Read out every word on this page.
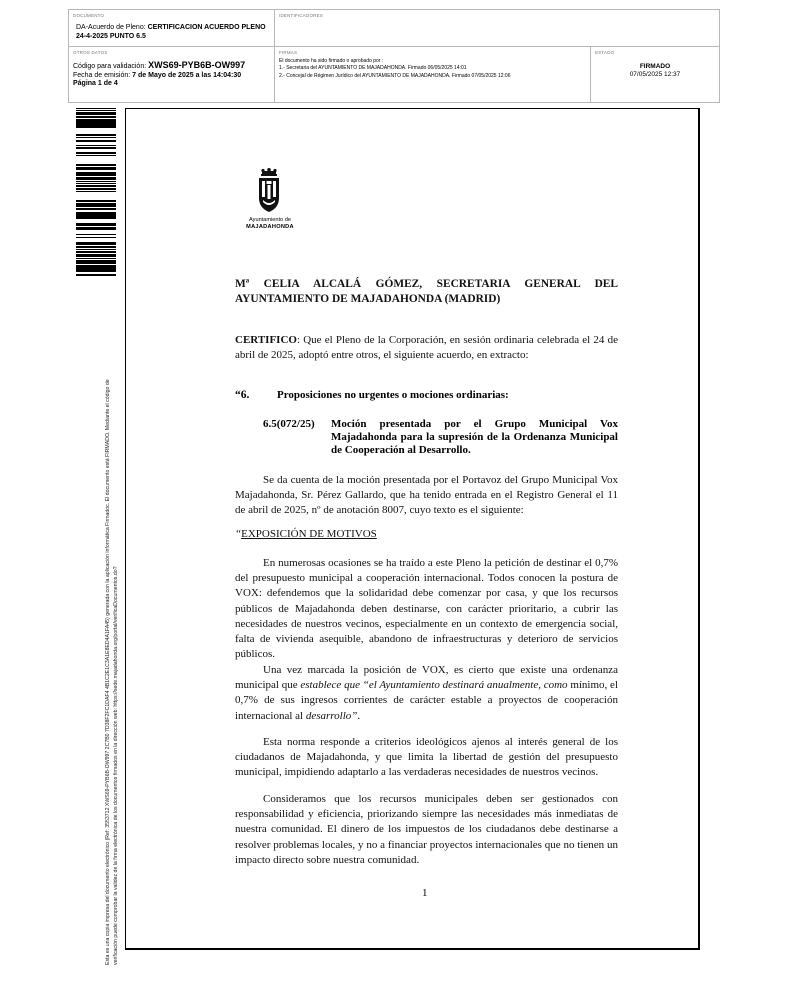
DOCUMENTO
DA-Acuerdo de Pleno: CERTIFICACION ACUERDO PLENO 24-4-2025 PUNTO 6.5
IDENTIFICADORES
OTROS DATOS
Código para validación: XWS69-PYB6B-OW997
Fecha de emisión: 7 de Mayo de 2025 a las 14:04:30
Página 1 de 4
FIRMAS
El documento ha sido firmado o aprobado por :
1.- Secretaria del AYUNTAMIENTO DE MAJADAHONDA. Firmado 06/05/2025 14:01
2.- Concejal de Régimen Jurídico del AYUNTAMIENTO DE MAJADAHONDA. Firmado 07/05/2025 12:06
ESTADO
FIRMADO
07/05/2025 12:37
Esta es una copia impresa del documento electrónico (Ref: 3553712 XWS69-PYB6B-OW997 2C7B0 7D38F2FC1DAF4 4B1C2E1C3A1E8ED4A1FA45) generada con la aplicación informática Firmadoc. El documento está FIRMADO. Mediante el código de verificación puede comprobar la validez de la firma electrónica de los documentos firmados en la dirección web: https://sede.majadahonda.org/portal/verificaDocumentos.do?
Ayuntamiento de
MAJADAHONDA
Mª CELIA ALCALÁ GÓMEZ, SECRETARIA GENERAL DEL AYUNTAMIENTO DE MAJADAHONDA (MADRID)
CERTIFICO: Que el Pleno de la Corporación, en sesión ordinaria celebrada el 24 de abril de 2025, adoptó entre otros, el siguiente acuerdo, en extracto:
“6.	Proposiciones no urgentes o mociones ordinarias:
6.5(072/25) Moción presentada por el Grupo Municipal Vox Majadahonda para la supresión de la Ordenanza Municipal de Cooperación al Desarrollo.
Se da cuenta de la moción presentada por el Portavoz del Grupo Municipal Vox Majadahonda, Sr. Pérez Gallardo, que ha tenido entrada en el Registro General el 11 de abril de 2025, nº de anotación 8007, cuyo texto es el siguiente:
“EXPOSICIÓN DE MOTIVOS
En numerosas ocasiones se ha traído a este Pleno la petición de destinar el 0,7% del presupuesto municipal a cooperación internacional. Todos conocen la postura de VOX: defendemos que la solidaridad debe comenzar por casa, y que los recursos públicos de Majadahonda deben destinarse, con carácter prioritario, a cubrir las necesidades de nuestros vecinos, especialmente en un contexto de emergencia social, falta de vivienda asequible, abandono de infraestructuras y deterioro de servicios públicos.
Una vez marcada la posición de VOX, es cierto que existe una ordenanza municipal que establece que “el Ayuntamiento destinará anualmente, como mínimo, el 0,7% de sus ingresos corrientes de carácter estable a proyectos de cooperación internacional al desarrollo”.
Esta norma responde a criterios ideológicos ajenos al interés general de los ciudadanos de Majadahonda, y que limita la libertad de gestión del presupuesto municipal, impidiendo adaptarlo a las verdaderas necesidades de nuestros vecinos.
Consideramos que los recursos municipales deben ser gestionados con responsabilidad y eficiencia, priorizando siempre las necesidades más inmediatas de nuestra comunidad. El dinero de los impuestos de los ciudadanos debe destinarse a resolver problemas locales, y no a financiar proyectos internacionales que no tienen un impacto directo sobre nuestra comunidad.
1
